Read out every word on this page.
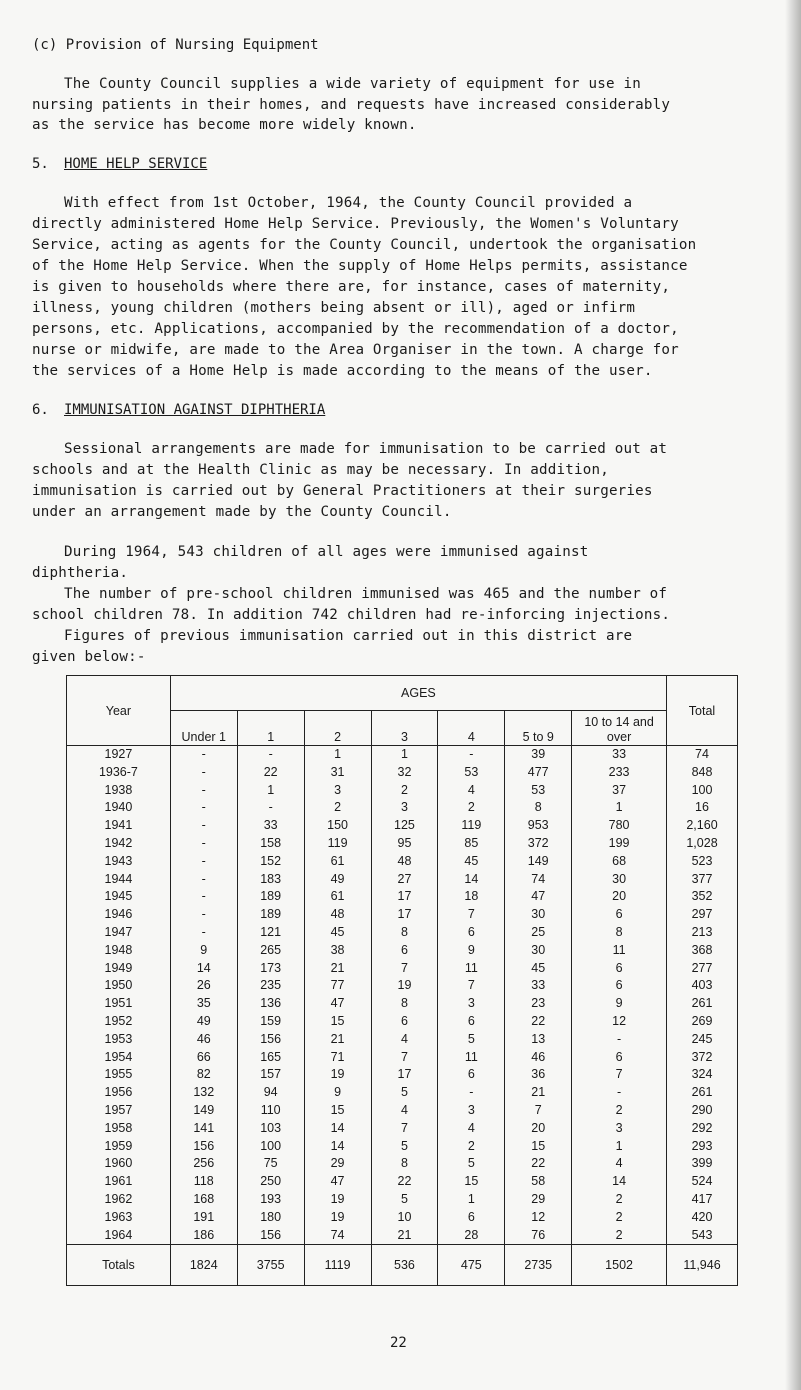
(c) Provision of Nursing Equipment
The County Council supplies a wide variety of equipment for use in
nursing patients in their homes, and requests have increased considerably
as the service has become more widely known.
5. HOME HELP SERVICE
With effect from 1st October, 1964, the County Council provided a
directly administered Home Help Service. Previously, the Women's Voluntary
Service, acting as agents for the County Council, undertook the organisation
of the Home Help Service. When the supply of Home Helps permits, assistance
is given to households where there are, for instance, cases of maternity,
illness, young children (mothers being absent or ill), aged or infirm
persons, etc. Applications, accompanied by the recommendation of a doctor,
nurse or midwife, are made to the Area Organiser in the town. A charge for
the services of a Home Help is made according to the means of the user.
6. IMMUNISATION AGAINST DIPHTHERIA
Sessional arrangements are made for immunisation to be carried out at
schools and at the Health Clinic as may be necessary. In addition,
immunisation is carried out by General Practitioners at their surgeries
under an arrangement made by the County Council.
During 1964, 543 children of all ages were immunised against
diphtheria.
The number of pre-school children immunised was 465 and the number of
school children 78. In addition 742 children had re-inforcing injections.
Figures of previous immunisation carried out in this district are
given below:-
Year	AGES							Total
	Under 1	1	2	3	4	5 to 9	10 to 14 and over	
1927	-	-	1	1	-	39	33	74
1936-7	-	22	31	32	53	477	233	848
1938	-	1	3	2	4	53	37	100
1940	-	-	2	3	2	8	1	16
1941	-	33	150	125	119	953	780	2,160
1942	-	158	119	95	85	372	199	1,028
1943	-	152	61	48	45	149	68	523
1944	-	183	49	27	14	74	30	377
1945	-	189	61	17	18	47	20	352
1946	-	189	48	17	7	30	6	297
1947	-	121	45	8	6	25	8	213
1948	9	265	38	6	9	30	11	368
1949	14	173	21	7	11	45	6	277
1950	26	235	77	19	7	33	6	403
1951	35	136	47	8	3	23	9	261
1952	49	159	15	6	6	22	12	269
1953	46	156	21	4	5	13	-	245
1954	66	165	71	7	11	46	6	372
1955	82	157	19	17	6	36	7	324
1956	132	94	9	5	-	21	-	261
1957	149	110	15	4	3	7	2	290
1958	141	103	14	7	4	20	3	292
1959	156	100	14	5	2	15	1	293
1960	256	75	29	8	5	22	4	399
1961	118	250	47	22	15	58	14	524
1962	168	193	19	5	1	29	2	417
1963	191	180	19	10	6	12	2	420
1964	186	156	74	21	28	76	2	543
Totals	1824	3755	1119	536	475	2735	1502	11,946
22
